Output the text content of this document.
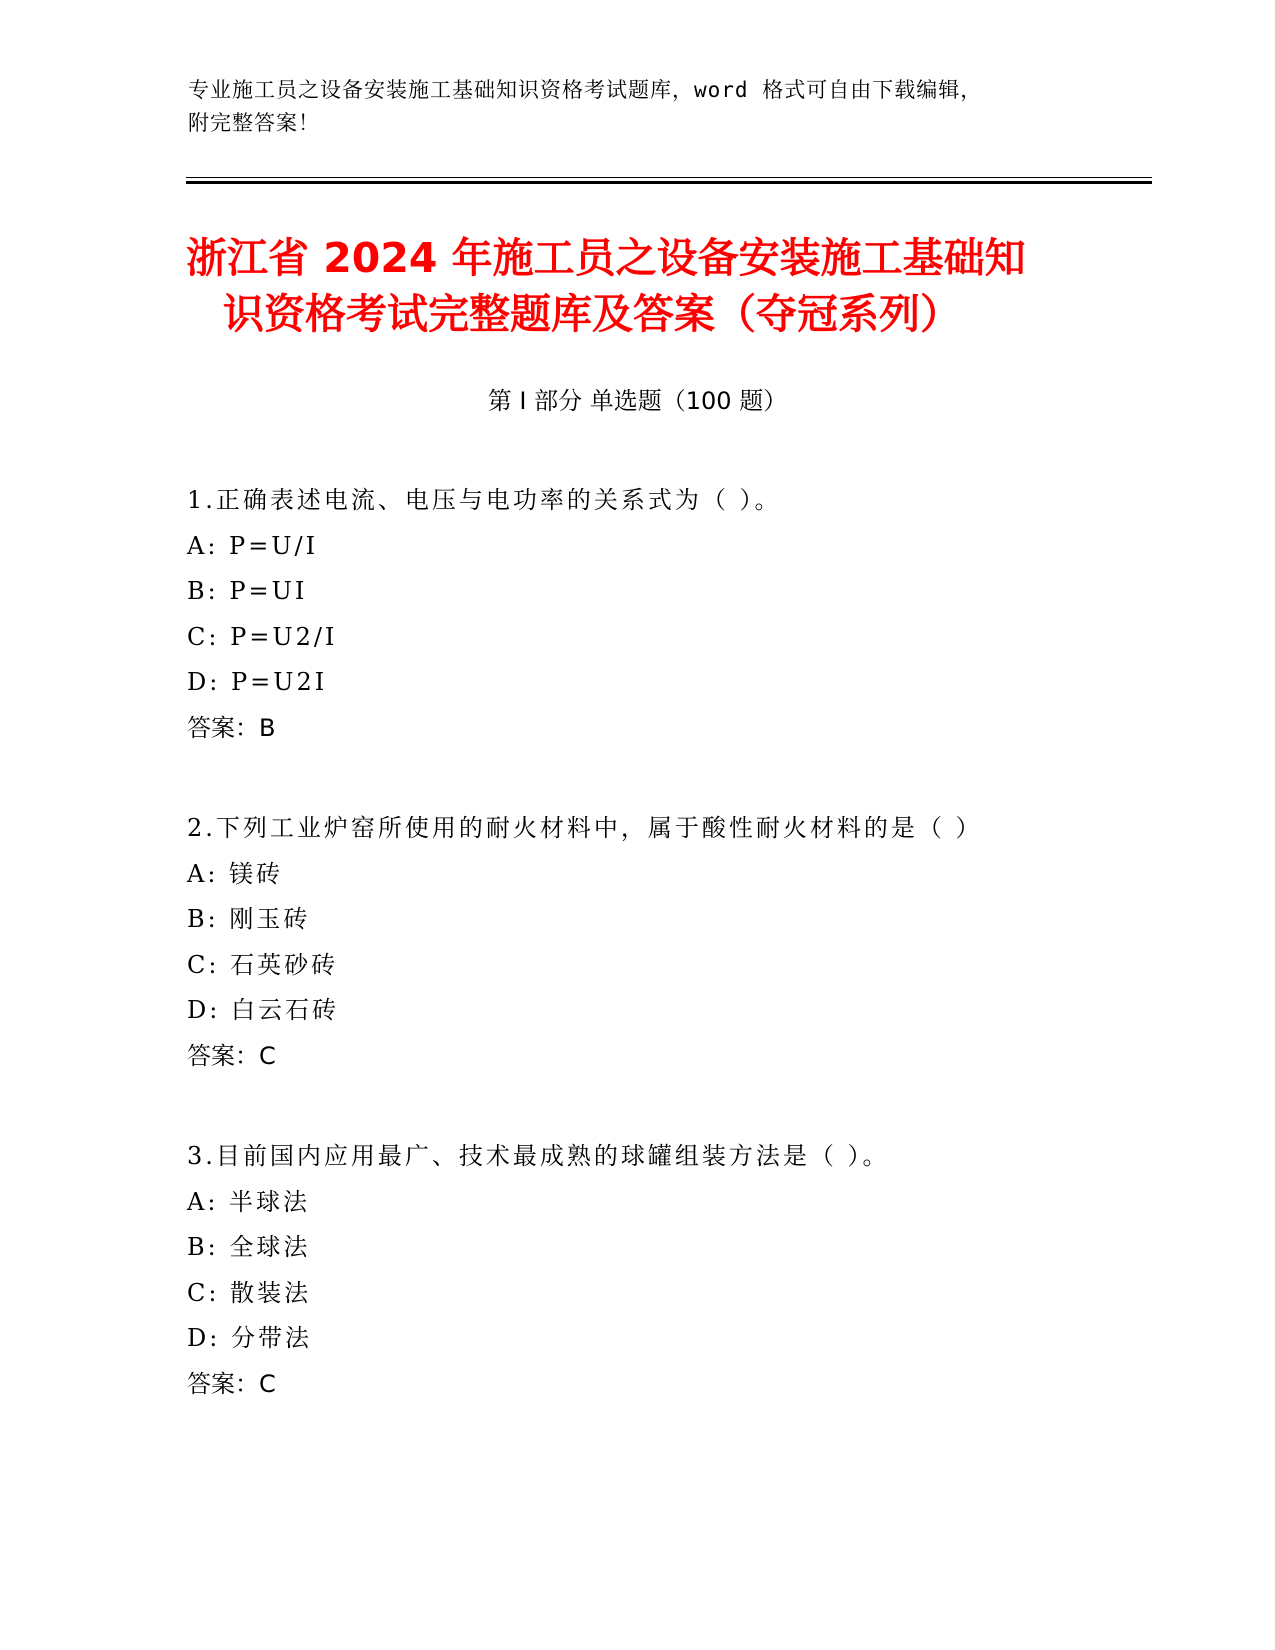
专业施工员之设备安装施工基础知识资格考试题库，word 格式可自由下载编辑，
附完整答案！
浙江省 2024 年施工员之设备安装施工基础知
识资格考试完整题库及答案（夺冠系列）
第 I 部分 单选题（100 题）
1.正确表述电流、电压与电功率的关系式为（ ）。
A: P=U/I
B: P=UI
C: P=U2/I
D: P=U2I
答案：B
2.下列工业炉窑所使用的耐火材料中，属于酸性耐火材料的是（ ）
A: 镁砖
B: 刚玉砖
C: 石英砂砖
D: 白云石砖
答案：C
3.目前国内应用最广、技术最成熟的球罐组装方法是（ ）。
A: 半球法
B: 全球法
C: 散装法
D: 分带法
答案：C
